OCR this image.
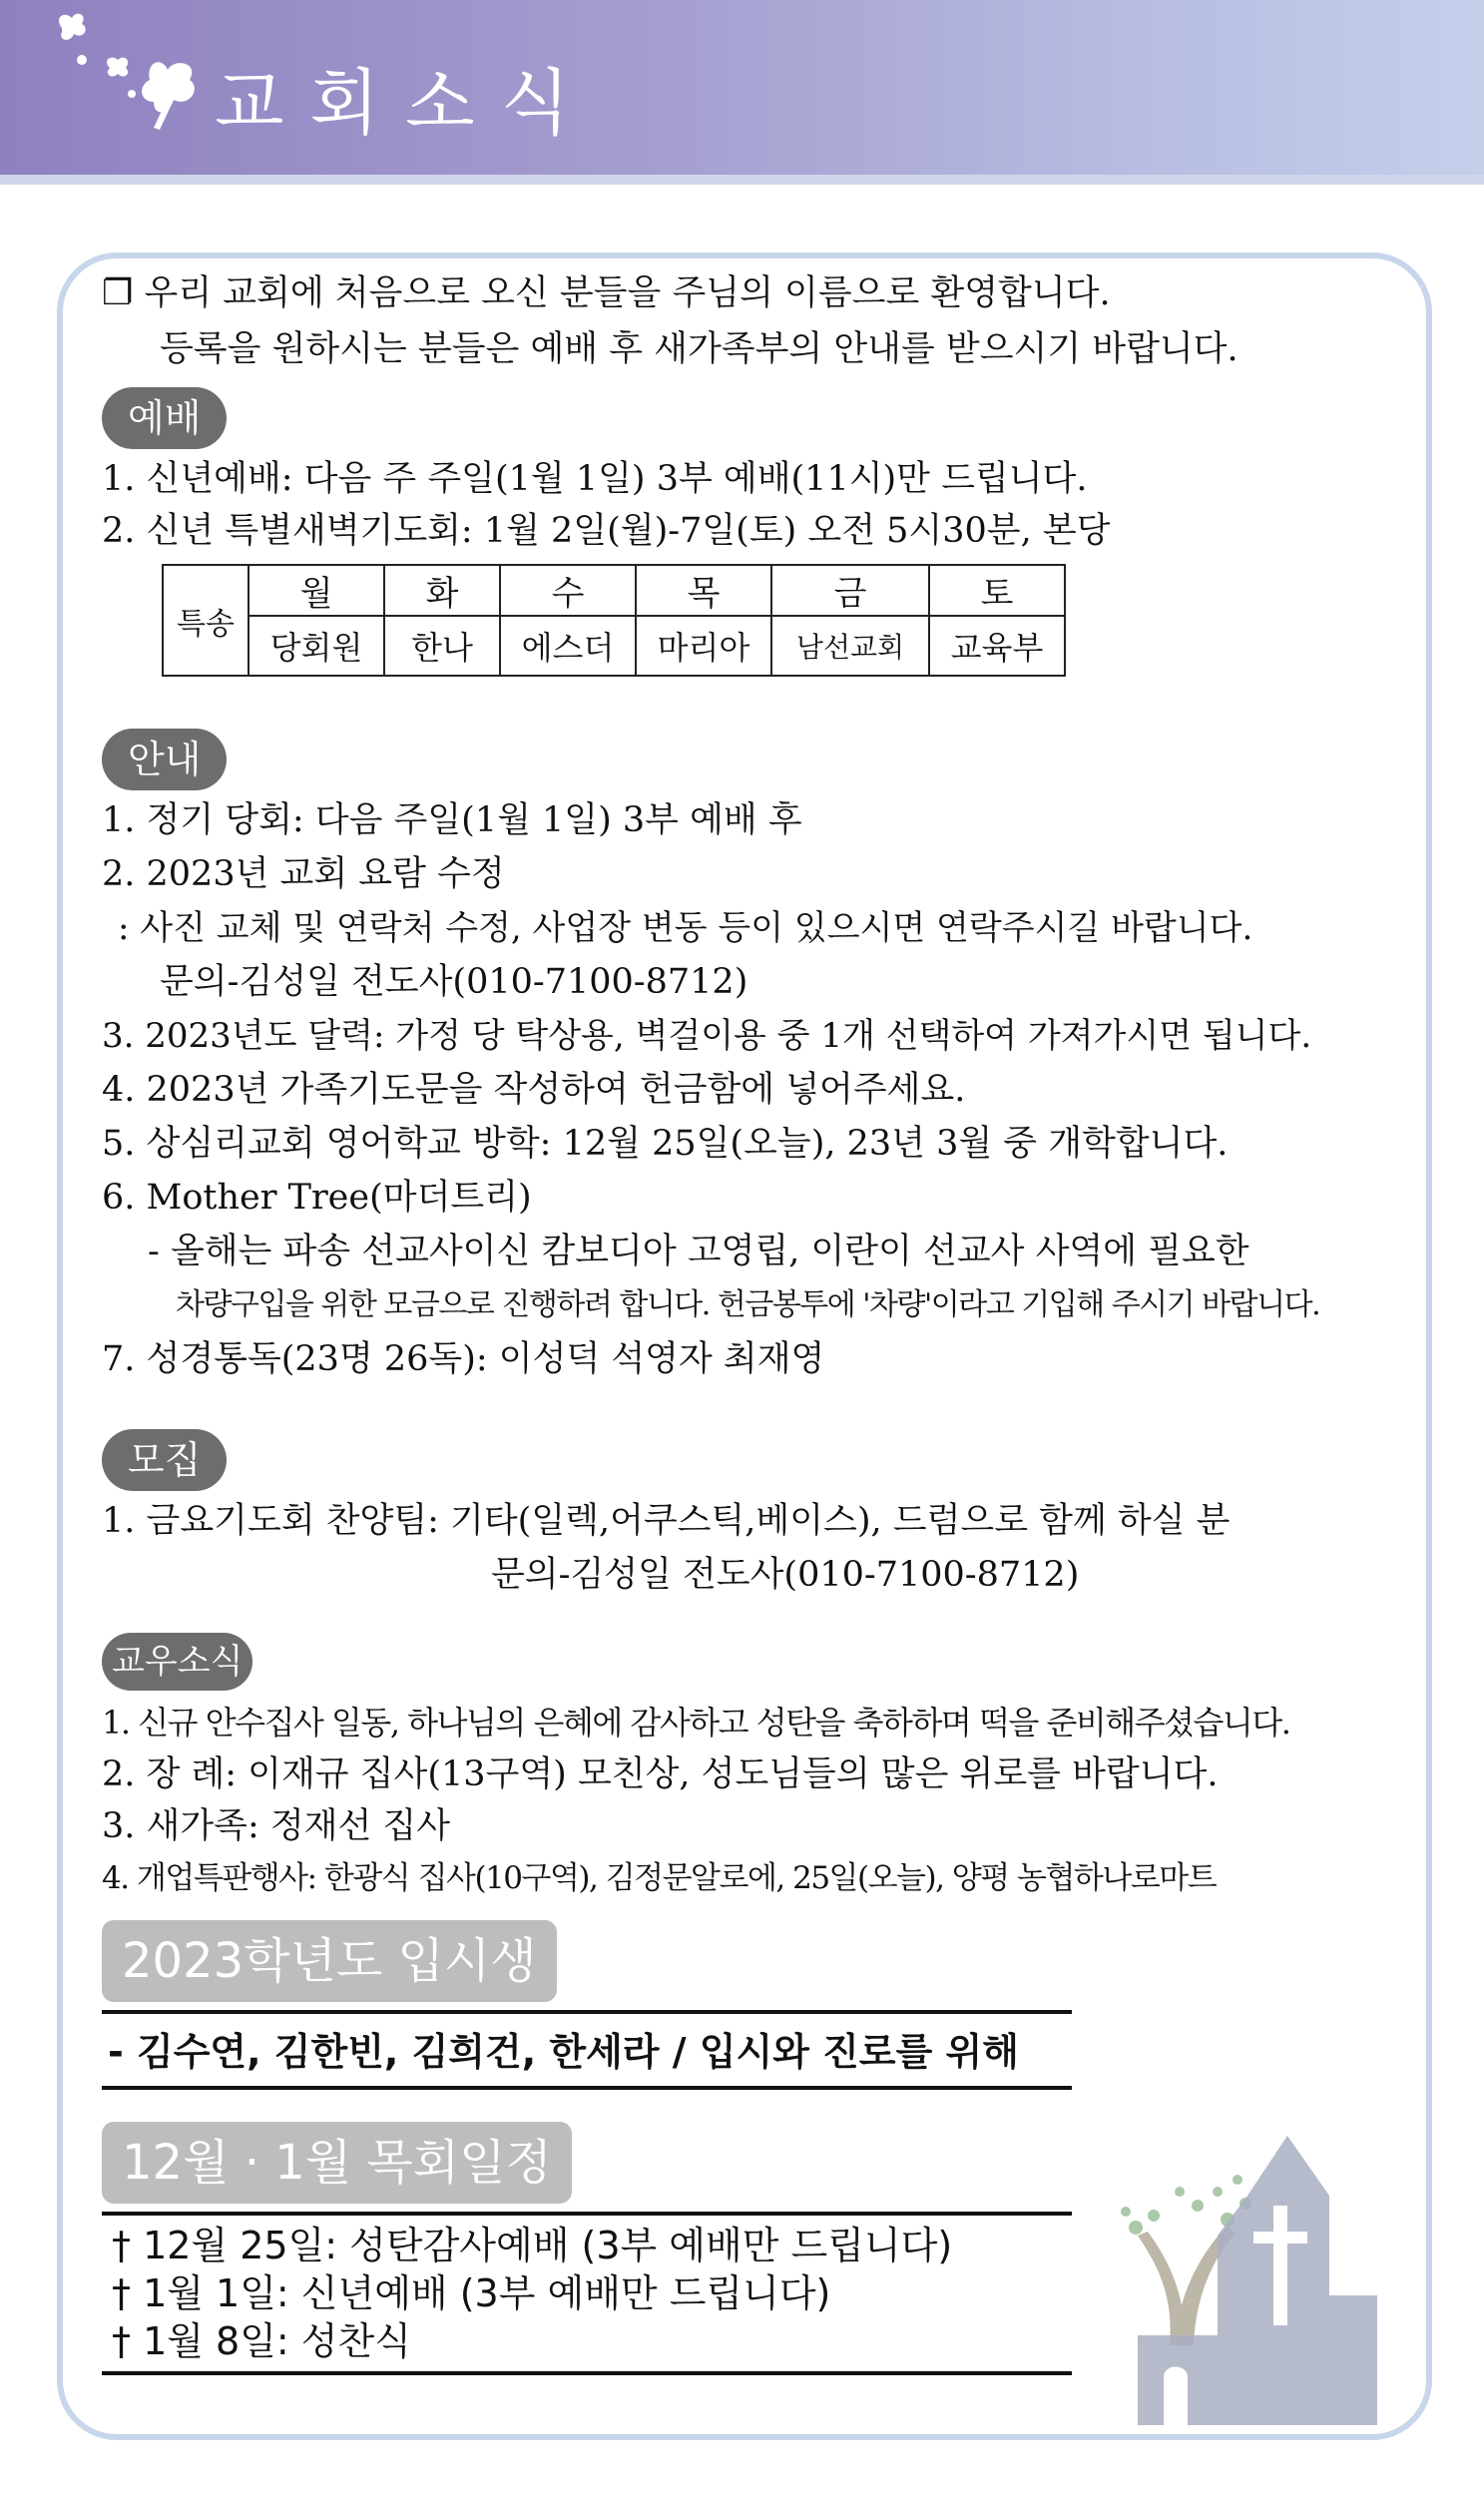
교회소식
❐ 우리 교회에 처음으로 오신 분들을 주님의 이름으로 환영합니다.
등록을 원하시는 분들은 예배 후 새가족부의 안내를 받으시기 바랍니다.
예배
1. 신년예배: 다음 주 주일(1월 1일) 3부 예배(11시)만 드립니다.
2. 신년 특별새벽기도회: 1월 2일(월)-7일(토) 오전 5시30분, 본당
특송	월	화	수	목	금	토
	당회원	한나	에스더	마리아	남선교회	교육부
안내
1. 정기 당회: 다음 주일(1월 1일) 3부 예배 후
2. 2023년 교회 요람 수정
: 사진 교체 및 연락처 수정, 사업장 변동 등이 있으시면 연락주시길 바랍니다.
문의-김성일 전도사(010-7100-8712)
3. 2023년도 달력: 가정 당 탁상용, 벽걸이용 중 1개 선택하여 가져가시면 됩니다.
4. 2023년 가족기도문을 작성하여 헌금함에 넣어주세요.
5. 상심리교회 영어학교 방학: 12월 25일(오늘), 23년 3월 중 개학합니다.
6. Mother Tree(마더트리)
- 올해는 파송 선교사이신 캄보디아 고영립, 이란이 선교사 사역에 필요한
차량구입을 위한 모금으로 진행하려 합니다. 헌금봉투에 '차량'이라고 기입해 주시기 바랍니다.
7. 성경통독(23명 26독): 이성덕 석영자 최재영
모집
1. 금요기도회 찬양팀: 기타(일렉,어쿠스틱,베이스), 드럼으로 함께 하실 분
문의-김성일 전도사(010-7100-8712)
교우소식
1. 신규 안수집사 일동, 하나님의 은혜에 감사하고 성탄을 축하하며 떡을 준비해주셨습니다.
2. 장 례: 이재규 집사(13구역) 모친상, 성도님들의 많은 위로를 바랍니다.
3. 새가족: 정재선 집사
4. 개업특판행사: 한광식 집사(10구역), 김정문알로에, 25일(오늘), 양평 농협하나로마트
2023학년도 입시생
- 김수연, 김한빈, 김희건, 한세라 / 입시와 진로를 위해
12월 · 1월 목회일정
† 12월 25일: 성탄감사예배 (3부 예배만 드립니다)
† 1월 1일: 신년예배 (3부 예배만 드립니다)
† 1월 8일: 성찬식
